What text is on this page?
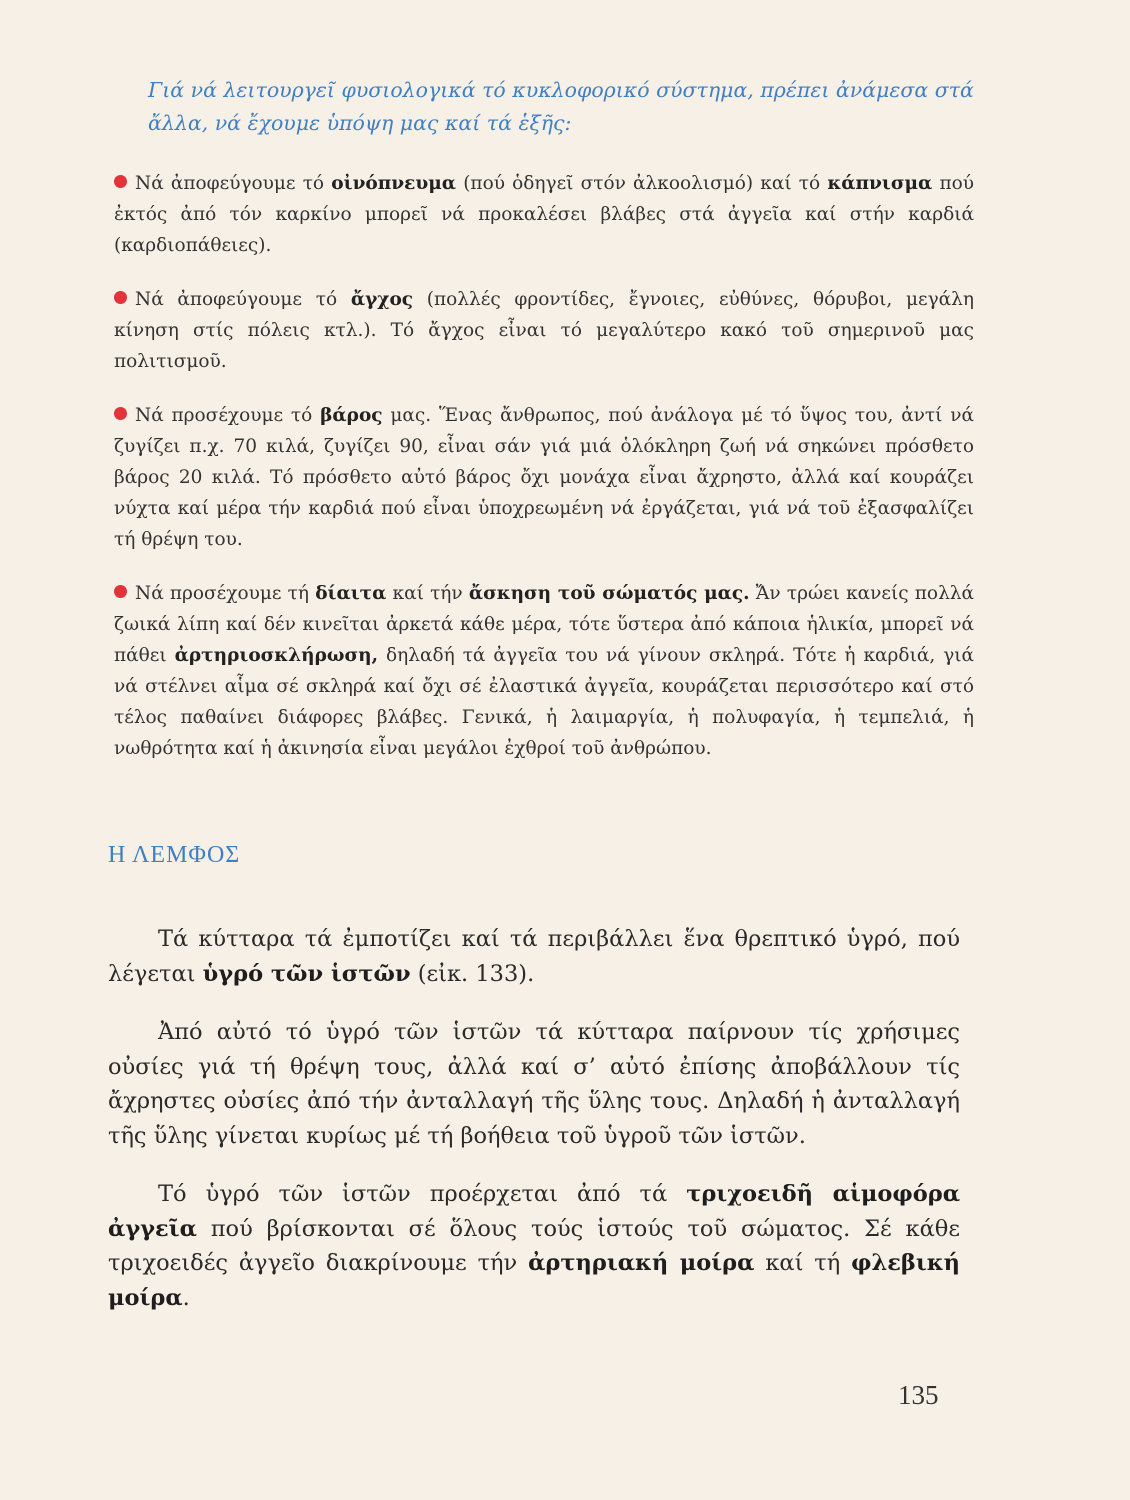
Γιά νά λειτουργεῖ φυσιολογικά τό κυκλοφορικό σύστημα, πρέπει ἀνάμεσα στά ἄλλα, νά ἔχουμε ὑπόψη μας καί τά ἑξῆς:

Νά ἀποφεύγουμε τό οἰνόπνευμα (πού ὁδηγεῖ στόν ἀλκοολισμό) καί τό κάπνισμα πού ἐκτός ἀπό τόν καρκίνο μπορεῖ νά προκαλέσει βλάβες στά ἀγγεῖα καί στήν καρδιά (καρδιοπάθειες).

Νά ἀποφεύγουμε τό ἄγχος (πολλές φροντίδες, ἔγνοιες, εὐθύνες, θόρυβοι, μεγάλη κίνηση στίς πόλεις κτλ.). Τό ἄγχος εἶναι τό μεγαλύτερο κακό τοῦ σημερινοῦ μας πολιτισμοῦ.

Νά προσέχουμε τό βάρος μας. Ἕνας ἄνθρωπος, πού ἀνάλογα μέ τό ὕψος του, ἀντί νά ζυγίζει π.χ. 70 κιλά, ζυγίζει 90, εἶναι σάν γιά μιά ὁλόκληρη ζωή νά σηκώνει πρόσθετο βάρος 20 κιλά. Τό πρόσθετο αὐτό βάρος ὄχι μονάχα εἶναι ἄχρηστο, ἀλλά καί κουράζει νύχτα καί μέρα τήν καρδιά πού εἶναι ὑποχρεωμένη νά ἐργάζεται, γιά νά τοῦ ἐξασφαλίζει τή θρέψη του.

Νά προσέχουμε τή δίαιτα καί τήν ἄσκηση τοῦ σώματός μας. Ἄν τρώει κανείς πολλά ζωικά λίπη καί δέν κινεῖται ἀρκετά κάθε μέρα, τότε ὕστερα ἀπό κάποια ἡλικία, μπορεῖ νά πάθει ἀρτηριοσκλήρωση, δηλαδή τά ἀγγεῖα του νά γίνουν σκληρά. Τότε ἡ καρδιά, γιά νά στέλνει αἷμα σέ σκληρά καί ὄχι σέ ἐλαστικά ἀγγεῖα, κουράζεται περισσότερο καί στό τέλος παθαίνει διάφορες βλάβες. Γενικά, ἡ λαιμαργία, ἡ πολυφαγία, ἡ τεμπελιά, ἡ νωθρότητα καί ἡ ἀκινησία εἶναι μεγάλοι ἐχθροί τοῦ ἀνθρώπου.

Η ΛΕΜΦΟΣ

Τά κύτταρα τά ἐμποτίζει καί τά περιβάλλει ἕνα θρεπτικό ὑγρό, πού λέγεται ὑγρό τῶν ἱστῶν (εἰκ. 133).

Ἀπό αὐτό τό ὑγρό τῶν ἱστῶν τά κύτταρα παίρνουν τίς χρήσιμες οὐσίες γιά τή θρέψη τους, ἀλλά καί σ’ αὐτό ἐπίσης ἀποβάλλουν τίς ἄχρηστες οὐσίες ἀπό τήν ἀνταλλαγή τῆς ὕλης τους. Δηλαδή ἡ ἀνταλλαγή τῆς ὕλης γίνεται κυρίως μέ τή βοήθεια τοῦ ὑγροῦ τῶν ἱστῶν.

Τό ὑγρό τῶν ἱστῶν προέρχεται ἀπό τά τριχοειδῆ αἱμοφόρα ἀγγεῖα πού βρίσκονται σέ ὅλους τούς ἱστούς τοῦ σώματος. Σέ κάθε τριχοειδές ἀγγεῖο διακρίνουμε τήν ἀρτηριακή μοίρα καί τή φλεβική μοίρα.

135
